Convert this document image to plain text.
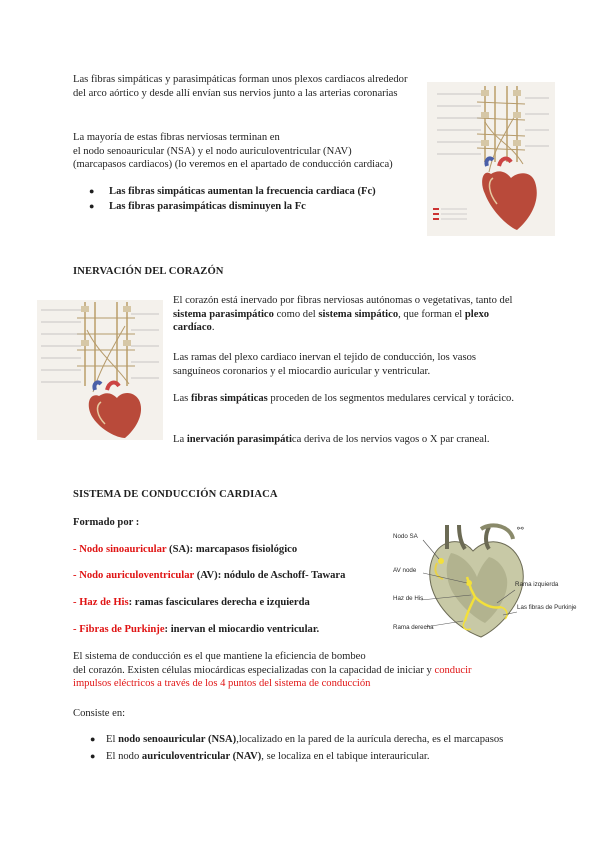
Las fibras simpáticas y parasimpáticas forman unos plexos cardiacos alrededor del arco aórtico y desde allí envían sus nervios junto a las arterias coronarias

La mayoría de estas fibras nerviosas terminan en
el nodo senoauricular (NSA) y el nodo auriculoventricular (NAV)
(marcapasos cardiacos) (lo veremos en el apartado de conducción cardiaca)

● Las fibras simpáticas aumentan la frecuencia cardiaca (Fc)
● Las fibras parasimpáticas disminuyen la Fc

INERVACIÓN DEL CORAZÓN

El corazón está inervado por fibras nerviosas autónomas o vegetativas, tanto del sistema parasimpático como del sistema simpático, que forman el plexo cardíaco.

Las ramas del plexo cardiaco inervan el tejido de conducción, los vasos sanguíneos coronarios y el miocardio auricular y ventricular.

Las fibras simpáticas proceden de los segmentos medulares cervical y torácico.

La inervación parasimpática deriva de los nervios vagos o X par craneal.

SISTEMA DE CONDUCCIÓN CARDIACA

Formado por :

- Nodo sinoauricular (SA): marcapasos fisiológico

- Nodo auriculoventricular (AV): nódulo de Aschoff- Tawara

- Haz de His: ramas fasciculares derecha e izquierda

- Fibras de Purkinje: inervan el miocardio ventricular.

Nodo SA
AV node
Haz de His
Rama derecha
Rama izquierda
Las fibras de Purkinje
⚯

El sistema de conducción es el que mantiene la eficiencia de bombeo
del corazón. Existen células miocárdicas especializadas con la capacidad de iniciar y conducir
impulsos eléctricos a través de los 4 puntos del sistema de conducción

Consiste en:

● El nodo senoauricular (NSA),localizado en la pared de la aurícula derecha, es el marcapasos
● El nodo auriculoventricular (NAV), se localiza en el tabique interauricular.
